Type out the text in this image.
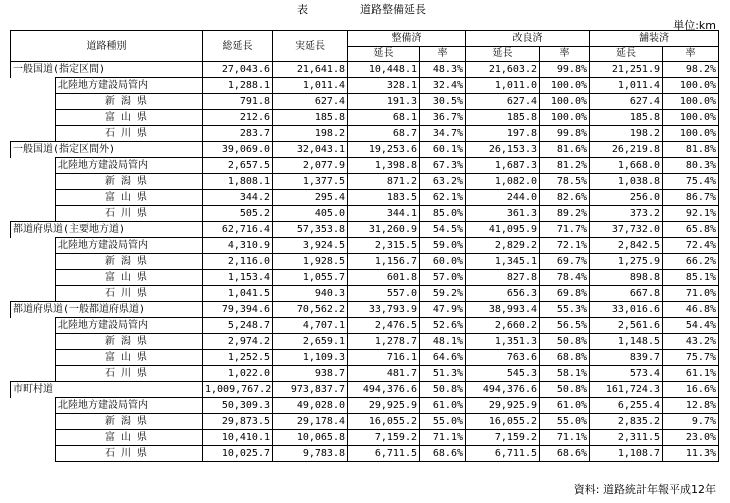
表	道路整備延長
単位:km
道路種別		総延長	実延長	整備済		改良済		舗装済	
				延長	率	延長	率	延長	率
一般国道(指定区間)		27,043.6	21,641.8	10,448.1	48.3%	21,603.2	99.8%	21,251.9	98.2%
	北陸地方建設局管内	1,288.1	1,011.4	328.1	32.4%	1,011.0	100.0%	1,011.4	100.0%
	新潟県	791.8	627.4	191.3	30.5%	627.4	100.0%	627.4	100.0%
	富山県	212.6	185.8	68.1	36.7%	185.8	100.0%	185.8	100.0%
	石川県	283.7	198.2	68.7	34.7%	197.8	99.8%	198.2	100.0%
一般国道(指定区間外)		39,069.0	32,043.1	19,253.6	60.1%	26,153.3	81.6%	26,219.8	81.8%
	北陸地方建設局管内	2,657.5	2,077.9	1,398.8	67.3%	1,687.3	81.2%	1,668.0	80.3%
	新潟県	1,808.1	1,377.5	871.2	63.2%	1,082.0	78.5%	1,038.8	75.4%
	富山県	344.2	295.4	183.5	62.1%	244.0	82.6%	256.0	86.7%
	石川県	505.2	405.0	344.1	85.0%	361.3	89.2%	373.2	92.1%
都道府県道(主要地方道)		62,716.4	57,353.8	31,260.9	54.5%	41,095.9	71.7%	37,732.0	65.8%
	北陸地方建設局管内	4,310.9	3,924.5	2,315.5	59.0%	2,829.2	72.1%	2,842.5	72.4%
	新潟県	2,116.0	1,928.5	1,156.7	60.0%	1,345.1	69.7%	1,275.9	66.2%
	富山県	1,153.4	1,055.7	601.8	57.0%	827.8	78.4%	898.8	85.1%
	石川県	1,041.5	940.3	557.0	59.2%	656.3	69.8%	667.8	71.0%
都道府県道(一般都道府県道)		79,394.6	70,562.2	33,793.9	47.9%	38,993.4	55.3%	33,016.6	46.8%
	北陸地方建設局管内	5,248.7	4,707.1	2,476.5	52.6%	2,660.2	56.5%	2,561.6	54.4%
	新潟県	2,974.2	2,659.1	1,278.7	48.1%	1,351.3	50.8%	1,148.5	43.2%
	富山県	1,252.5	1,109.3	716.1	64.6%	763.6	68.8%	839.7	75.7%
	石川県	1,022.0	938.7	481.7	51.3%	545.3	58.1%	573.4	61.1%
市町村道		1,009,767.2	973,837.7	494,376.6	50.8%	494,376.6	50.8%	161,724.3	16.6%
	北陸地方建設局管内	50,309.3	49,028.0	29,925.9	61.0%	29,925.9	61.0%	6,255.4	12.8%
	新潟県	29,873.5	29,178.4	16,055.2	55.0%	16,055.2	55.0%	2,835.2	9.7%
	富山県	10,410.1	10,065.8	7,159.2	71.1%	7,159.2	71.1%	2,311.5	23.0%
	石川県	10,025.7	9,783.8	6,711.5	68.6%	6,711.5	68.6%	1,108.7	11.3%
資料: 道路統計年報平成12年
